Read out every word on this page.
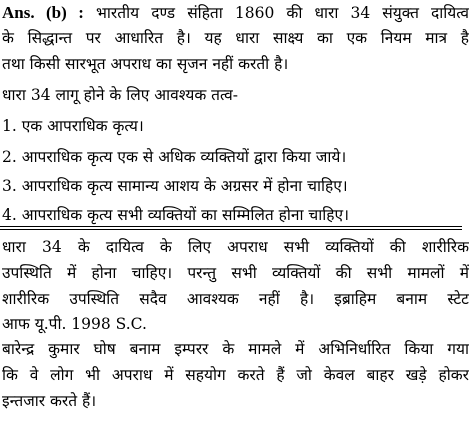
Ans. (b) : भारतीय दण्ड संहिता 1860 की धारा 34 संयुक्त दायित्व
के सिद्धान्त पर आधारित है। यह धारा साक्ष्य का एक नियम मात्र है
तथा किसी सारभूत अपराध का सृजन नहीं करती है।
धारा 34 लागू होने के लिए आवश्यक तत्व-
1. एक आपराधिक कृत्य।
2. आपराधिक कृत्य एक से अधिक व्यक्तियों द्वारा किया जाये।
3. आपराधिक कृत्य सामान्य आशय के अग्रसर में होना चाहिए।
4. आपराधिक कृत्य सभी व्यक्तियों का सम्मिलित होना चाहिए।
धारा 34 के दायित्व के लिए अपराध सभी व्यक्तियों की शारीरिक
उपस्थिति में होना चाहिए। परन्तु सभी व्यक्तियों की सभी मामलों में
शारीरिक उपस्थिति सदैव आवश्यक नहीं है। इब्राहिम बनाम स्टेट
आफ यू.पी. 1998 S.C.
बारेन्द्र कुमार घोष बनाम इम्परर के मामले में अभिनिर्धारित किया गया
कि वे लोग भी अपराध में सहयोग करते हैं जो केवल बाहर खड़े होकर
इन्तजार करते हैं।
